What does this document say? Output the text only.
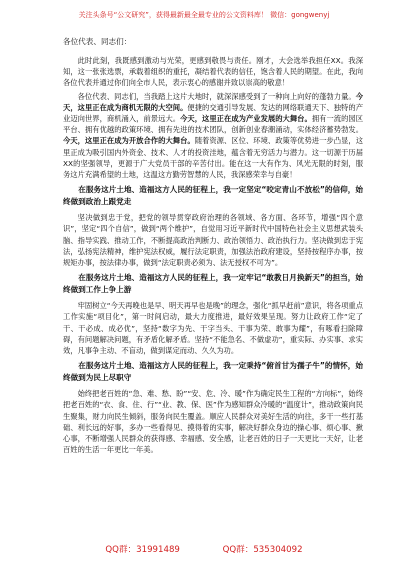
关注头条号“公文研究”，获得最新最全最专业的公文资料库！ 微信：gongwenyj
各位代表、同志们：

此时此刻，我既感到激动与光荣，更感到敬畏与责任。刚才，大会选举我担任XX。我深知，这一张张选票，承载着组织的重托，凝结着代表的信任，饱含着人民的期望。在此，我向各位代表并通过你们向全市人民，表示衷心的感谢并致以崇高的敬意！

各位代表、同志们，当我踏上这片大地时，就深深感受到了一种向上向好的蓬勃力量。今天，这里正在成为商机无限的大空间。便捷的交通引导发展、发达的网络联通天下、独特的产业迈向世界，商机涌入，前景远大。今天，这里正在成为产业发展的大舞台。拥有一流的园区平台、拥有优越的政策环境、拥有先进的技术团队，创新创业春潮涌动，实体经济蓄势勃发。今天，这里正在成为开放合作的大舞台。随着资源、区位、环境、政策等优势进一步凸显，这里正成为吸引国内外资金、技术、人才的投资洼地，蕴含着无穷活力与潜力。这一切源于历届XX的坚强领导，更源于广大党员干部的辛苦付出。能在这一大有作为、风光无限的时刻，服务这片充满希望的土地，这温这方勤劳智慧的人民，我深感荣幸与自豪！

在服务这片土地、造福这方人民的征程上，我一定坚定“咬定青山不放松”的信仰，始终做到政治上跟党走

坚决做到忠于党，把党的领导贯穿政府治理的各领域、各方面、各环节，增强“四个意识”，坚定“四个自信”，做到“两个维护”，自觉用习近平新时代中国特色社会主义思想武装头脑、指导实践、推动工作，不断提高政治判断力、政治领悟力、政治执行力。坚决做到忠于宪法，弘扬宪法精神，维护宪法权威，履行法定职责，加强法治政府建设，坚持按程序办事，按规矩办事，按法律办事，做到“法定职责必须为、法无授权不可为”。

在服务这片土地、造福这方人民的征程上，我一定牢记“敢教日月换新天”的担当，始终做到工作上争上游

牢固树立“今天再晚也是早、明天再早也是晚”的理念，强化“抓早赶前”意识，将各项重点工作实施“项目化”，第一时间启动，最大力度推进，最好效果呈现。努力让政府工作“定了干、干必成、成必优”，坚持“数字为先、干字当头、干事为荣、敢事为耀”，有啄看扫除障碍，有问题解决问题，有矛盾化解矛盾。坚持“不能急名、不做虚功”，重实际、办实事、求实效，凡事争主动、不盲动，做到谋定而动、久久为功。

在服务这片土地、造福这方人民的征程上，我一定秉持“俯首甘为孺子牛”的情怀，始终做到为民上尽职守

始终把老百姓的“急、难、愁、盼”“安、危、冷、暖”作为确定民生工程的“方向标”，始终把老百姓的“衣、食、住、行”“业、教、保、医”作为感知群众冷暖的“温度计”，推动政策向民生聚集，财力向民生倾斜，服务向民生覆盖。顺应人民群众对美好生活的向往，多干一些打基础、利长远的好事，多办一些看得见、摸得着的实事，解决好群众身边的操心事、烦心事、揪心事，不断增强人民群众的获得感、幸福感、安全感，让老百姓的日子一天更比一天好，让老百姓的生活一年更比一年美。

QQ群：31991489	QQ群：535304092
